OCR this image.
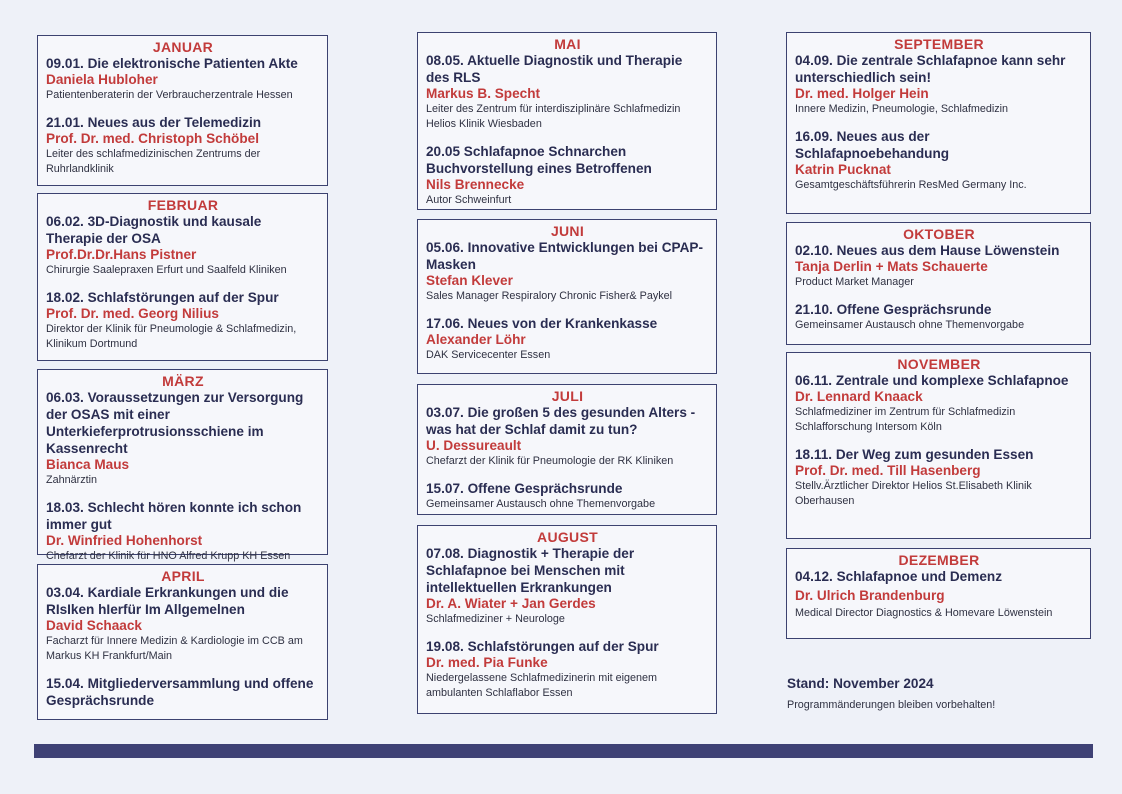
JANUAR
09.01. Die elektronische Patienten Akte
Daniela Hubloher
Patientenberaterin der Verbraucherzentrale Hessen
21.01. Neues aus der Telemedizin
Prof. Dr. med. Christoph Schöbel
Leiter des schlafmedizinischen Zentrums der Ruhrlandklinik
FEBRUAR
06.02. 3D-Diagnostik und kausale Therapie der OSA
Prof.Dr.Dr.Hans Pistner
Chirurgie Saalepraxen Erfurt und Saalfeld Kliniken
18.02. Schlafstörungen auf der Spur
Prof. Dr. med. Georg Nilius
Direktor der Klinik für Pneumologie & Schlafmedizin, Klinikum Dortmund
MÄRZ
06.03. Voraussetzungen zur Versorgung der OSAS mit einer Unterkieferprotrusionsschiene im Kassenrecht
Bianca Maus
Zahnärztin
18.03. Schlecht hören konnte ich schon immer gut
Dr. Winfried Hohenhorst
Chefarzt der Klinik für HNO Alfred Krupp KH Essen
APRIL
03.04. Kardiale Erkrankungen und die RIsIken hIerfür Im Allgemelnen
David Schaack
Facharzt für Innere Medizin & Kardiologie im CCB am Markus KH Frankfurt/Main
15.04. Mitgliederversammlung und offene Gesprächsrunde
MAI
08.05. Aktuelle Diagnostik und Therapie des RLS
Markus B. Specht
Leiter des Zentrum für interdisziplinäre Schlafmedizin Helios Klinik Wiesbaden
20.05 Schlafapnoe Schnarchen Buchvorstellung eines Betroffenen
Nils Brennecke
Autor Schweinfurt
JUNI
05.06. Innovative Entwicklungen bei CPAP-Masken
Stefan Klever
Sales Manager Respiralory Chronic Fisher& Paykel
17.06. Neues von der Krankenkasse
Alexander Löhr
DAK Servicecenter Essen
JULI
03.07. Die großen 5 des gesunden Alters - was hat der Schlaf damit zu tun?
U. Dessureault
Chefarzt der Klinik für Pneumologie der RK Kliniken
15.07. Offene Gesprächsrunde
Gemeinsamer Austausch ohne Themenvorgabe
AUGUST
07.08. Diagnostik + Therapie der Schlafapnoe bei Menschen mit intellektuellen Erkrankungen
Dr. A. Wiater + Jan Gerdes
Schlafmediziner + Neurologe
19.08. Schlafstörungen auf der Spur
Dr. med. Pia Funke
Niedergelassene Schlafmedizinerin mit eigenem ambulanten Schlaflabor Essen
SEPTEMBER
04.09. Die zentrale Schlafapnoe kann sehr unterschiedlich sein!
Dr. med. Holger Hein
Innere Medizin, Pneumologie, Schlafmedizin
16.09. Neues aus der Schlafapnoebehandung
Katrin Pucknat
Gesamtgeschäftsführerin ResMed Germany Inc.
OKTOBER
02.10. Neues aus dem Hause Löwenstein
Tanja Derlin + Mats Schauerte
Product Market Manager
21.10. Offene Gesprächsrunde
Gemeinsamer Austausch ohne Themenvorgabe
NOVEMBER
06.11. Zentrale und komplexe Schlafapnoe
Dr. Lennard Knaack
Schlafmediziner im Zentrum für Schlafmedizin Schlafforschung Intersom Köln
18.11. Der Weg zum gesunden Essen
Prof. Dr. med. Till Hasenberg
Stellv.Ärztlicher Direktor Helios St.Elisabeth Klinik Oberhausen
DEZEMBER
04.12. Schlafapnoe und Demenz
Dr. Ulrich Brandenburg
Medical Director Diagnostics & Homevare Löwenstein
Stand: November 2024
Programmänderungen bleiben vorbehalten!
